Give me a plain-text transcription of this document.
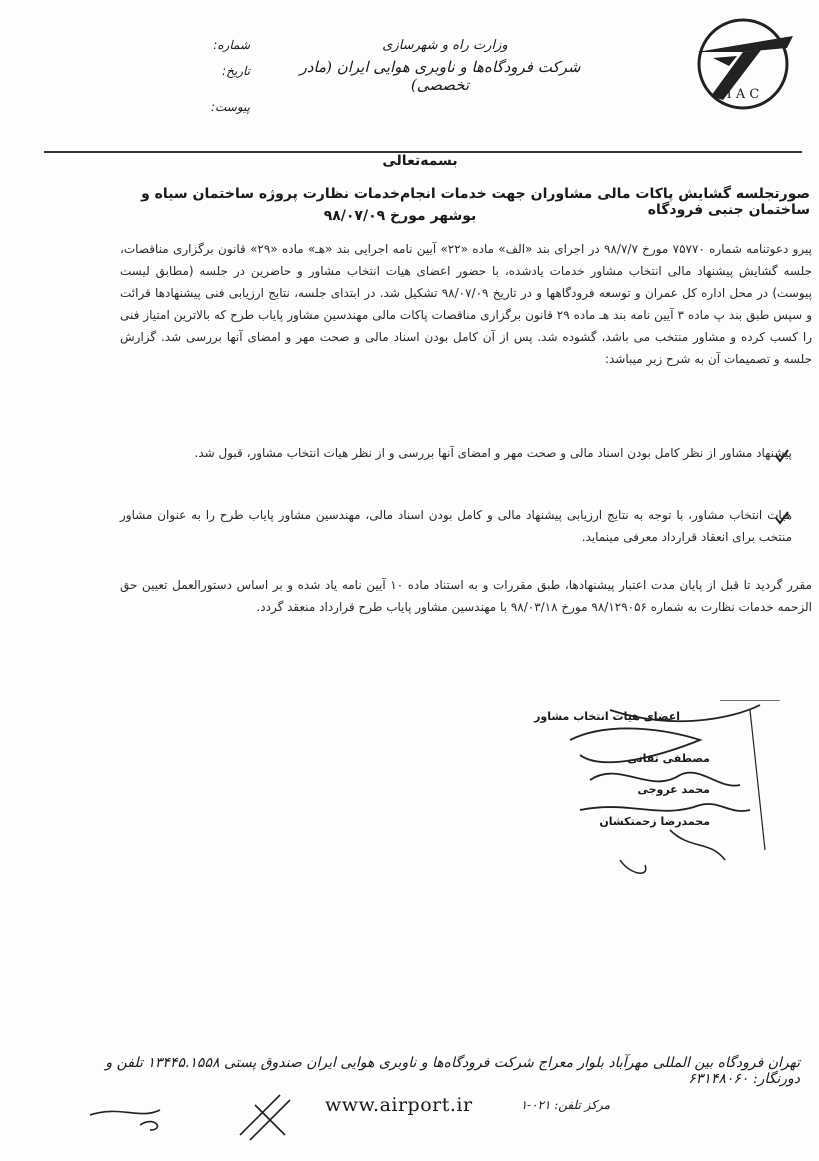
I A C
وزارت راه و شهرسازی
شرکت فرودگاه‌ها و ناوبری هوایی ایران (مادر تخصصی)
شماره:
تاریخ:
پیوست:
بسمه‌تعالی
صورتجلسه گشایش پاکات مالی مشاوران جهت خدمات انجام‌خدمات نظارت پروژه ساختمان سیاه و ساختمان جنبی فرودگاه
بوشهر مورخ ۹۸/۰۷/۰۹
پیرو دعوتنامه شماره ۷۵۷۷۰ مورخ ۹۸/۷/۷ در اجرای بند «الف» ماده «۲۲» آیین نامه اجرایی بند «هـ» ماده «۲۹» قانون برگزاری مناقصات، جلسه گشایش پیشنهاد مالی انتخاب مشاور خدمات یادشده، با حضور اعضای هیات انتخاب مشاور و حاضرین در جلسه (مطابق لیست پیوست) در محل اداره کل عمران و توسعه فرودگاهها و در تاریخ ۹۸/۰۷/۰۹ تشکیل شد. در ابتدای جلسه، نتایج ارزیابی فنی پیشنهادها قرائت و سپس طبق بند پ ماده ۳ آیین نامه بند هـ ماده ۲۹ قانون برگزاری مناقصات پاکات مالی مهندسین مشاور پایاب طرح که بالاترین امتیاز فنی را کسب کرده و مشاور منتخب می باشد، گشوده شد. پس از آن کامل بودن اسناد مالی و صحت مهر و امضای آنها بررسی شد. گزارش جلسه و تصمیمات آن به شرح زیر میباشد:
پیشنهاد مشاور از نظر کامل بودن اسناد مالی و صحت مهر و امضای آنها بررسی و از نظر هیات انتخاب مشاور، قبول شد.
هیات انتخاب مشاور، با توجه به نتایج ارزیابی پیشنهاد مالی و کامل بودن اسناد مالی، مهندسین مشاور پایاب طرح را به عنوان مشاور منتخب برای انعقاد قرارداد معرفی مینماید.
مقرر گردید تا قبل از پایان مدت اعتبار پیشنهادها، طبق مقررات و به استناد ماده ۱۰ آیین نامه یاد شده و بر اساس دستورالعمل تعیین حق الزحمه خدمات نظارت به شماره ۹۸/۱۲۹۰۵۶ مورخ ۹۸/۰۳/۱۸ با مهندسین مشاور پایاب طرح قرارداد منعقد گردد.
اعضای هیات انتخاب مشاور
مصطفی تقانی
محمد عروجی
محمدرضا زحمتکشان
تهران فرودگاه بین المللی مهرآباد بلوار معراج شرکت فرودگاه‌ها و ناوبری هوایی ایران صندوق پستی ۱۳۴۴۵.۱۵۵۸ تلفن و دورنگار: ۶۳۱۴۸۰۶۰
مرکز تلفن: ۰۲۱-۱
www.airport.ir
